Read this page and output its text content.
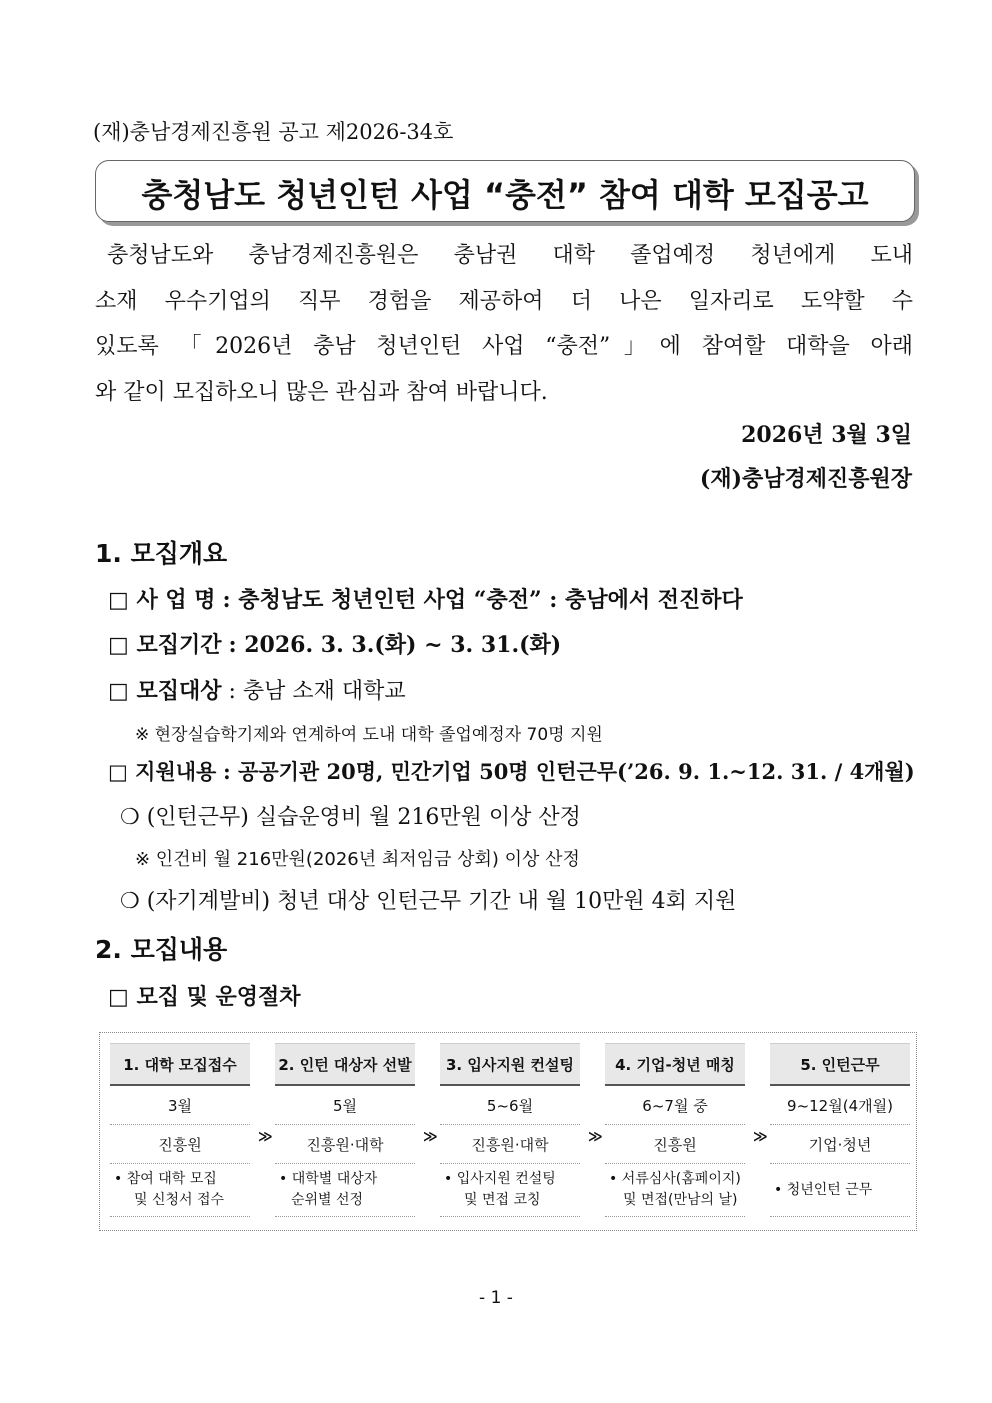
(재)충남경제진흥원 공고 제2026-34호
충청남도 청년인턴 사업 “충전” 참여 대학 모집공고
충청남도와 충남경제진흥원은 충남권 대학 졸업예정 청년에게 도내
소재 우수기업의 직무 경험을 제공하여 더 나은 일자리로 도약할 수
있도록 「2026년 충남 청년인턴 사업 “충전”」에 참여할 대학을 아래
와 같이 모집하오니 많은 관심과 참여 바랍니다.
2026년 3월 3일
(재)충남경제진흥원장
1. 모집개요
□ 사 업 명 : 충청남도 청년인턴 사업 “충전” : 충남에서 전진하다
□ 모집기간 : 2026. 3. 3.(화) ~ 3. 31.(화)
□ 모집대상 : 충남 소재 대학교
※ 현장실습학기제와 연계하여 도내 대학 졸업예정자 70명 지원
□ 지원내용 : 공공기관 20명, 민간기업 50명 인턴근무(’26. 9. 1.~12. 31. / 4개월)
❍ (인턴근무) 실습운영비 월 216만원 이상 산정
※ 인건비 월 216만원(2026년 최저임금 상회) 이상 산정
❍ (자기계발비) 청년 대상 인턴근무 기간 내 월 10만원 4회 지원
2. 모집내용
□ 모집 및 운영절차
1. 대학 모집접수
3월
진흥원
• 참여 대학 모집
및 신청서 접수
≫
2. 인턴 대상자 선발
5월
진흥원·대학
• 대학별 대상자
순위별 선정
≫
3. 입사지원 컨설팅
5~6월
진흥원·대학
• 입사지원 컨설팅
및 면접 코칭
≫
4. 기업-청년 매칭
6~7월 중
진흥원
• 서류심사(홈페이지)
및 면접(만남의 날)
≫
5. 인턴근무
9~12월(4개월)
기업·청년
• 청년인턴 근무
- 1 -
